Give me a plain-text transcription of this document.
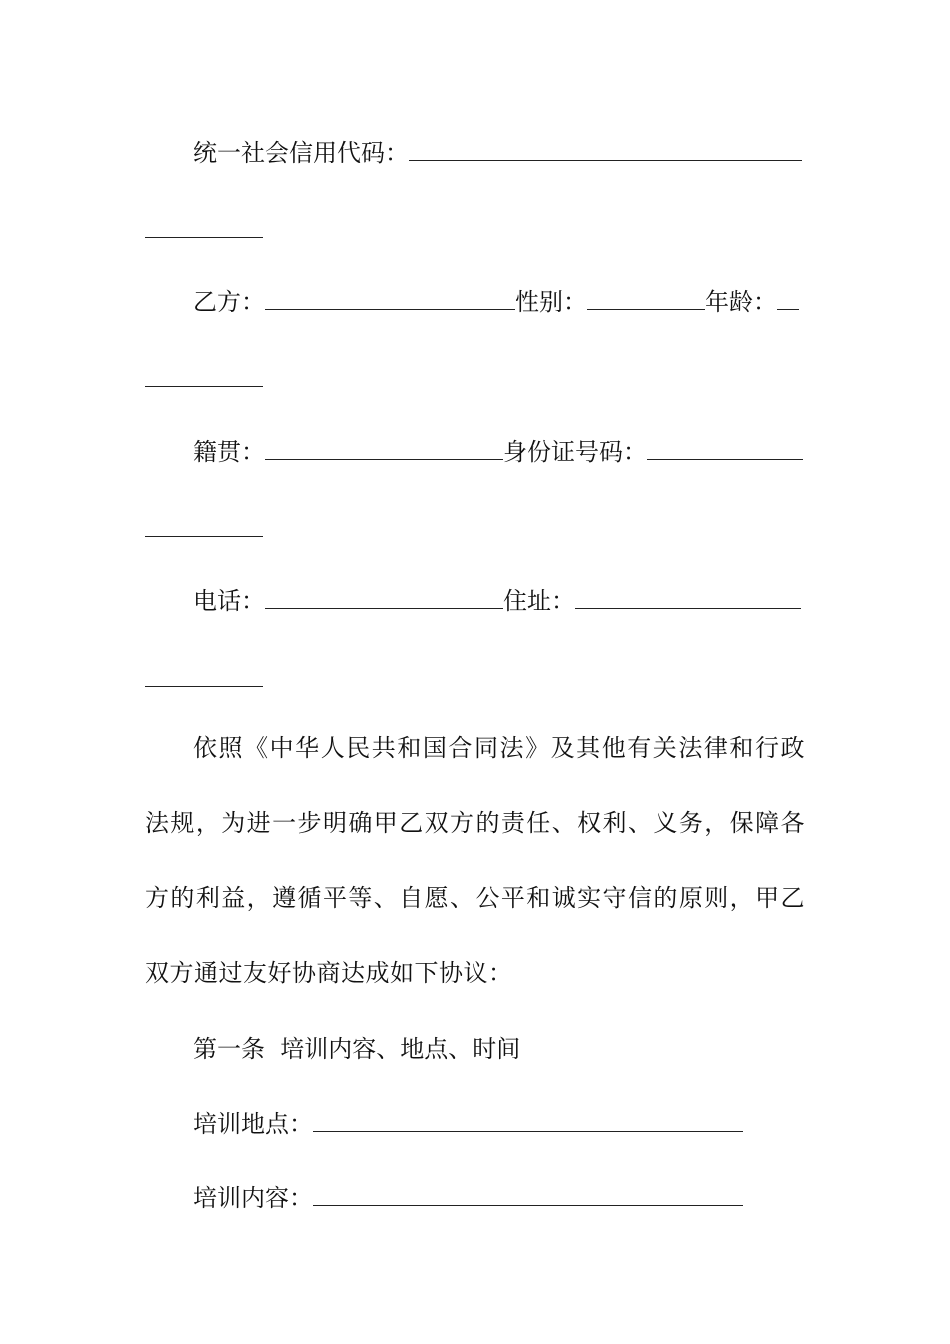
统一社会信用代码：
乙方：	性别：	年龄：
籍贯：	身份证号码：
电话：	住址：
依照《中华人民共和国合同法》及其他有关法律和行政法规，为进一步明确甲乙双方的责任、权利、义务，保障各方的利益，遵循平等、自愿、公平和诚实守信的原则，甲乙双方通过友好协商达成如下协议：
第一条  培训内容、地点、时间
培训地点：
培训内容：
